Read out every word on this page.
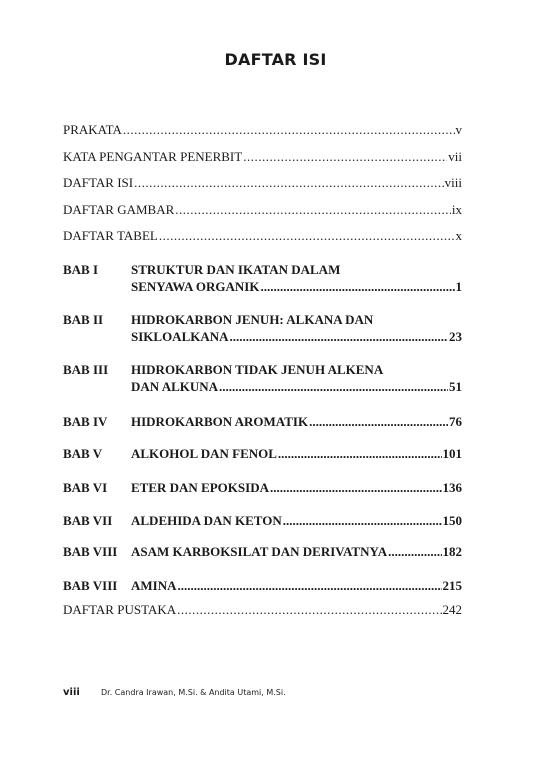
DAFTAR ISI
PRAKATA .....	v
KATA PENGANTAR PENERBIT .....	vii
DAFTAR ISI .....	viii
DAFTAR GAMBAR .....	ix
DAFTAR TABEL .....	x
BAB I	STRUKTUR DAN IKATAN DALAM
SENYAWA ORGANIK .....	1
BAB II HIDROKARBON JENUH: ALKANA DAN
SIKLOALKANA .....	23
BAB III HIDROKARBON TIDAK JENUH ALKENA
DAN ALKUNA .....	51
BAB IV HIDROKARBON AROMATIK .....	76
BAB V ALKOHOL DAN FENOL .....	101
BAB VI ETER DAN EPOKSIDA .....	136
BAB VII ALDEHIDA DAN KETON .....	150
BAB VIII ASAM KARBOKSILAT DAN DERIVATNYA .....	182
BAB VIII AMINA .....	215
DAFTAR PUSTAKA .....	242
viii	Dr. Candra Irawan, M.Si. & Andita Utami, M.Si.
